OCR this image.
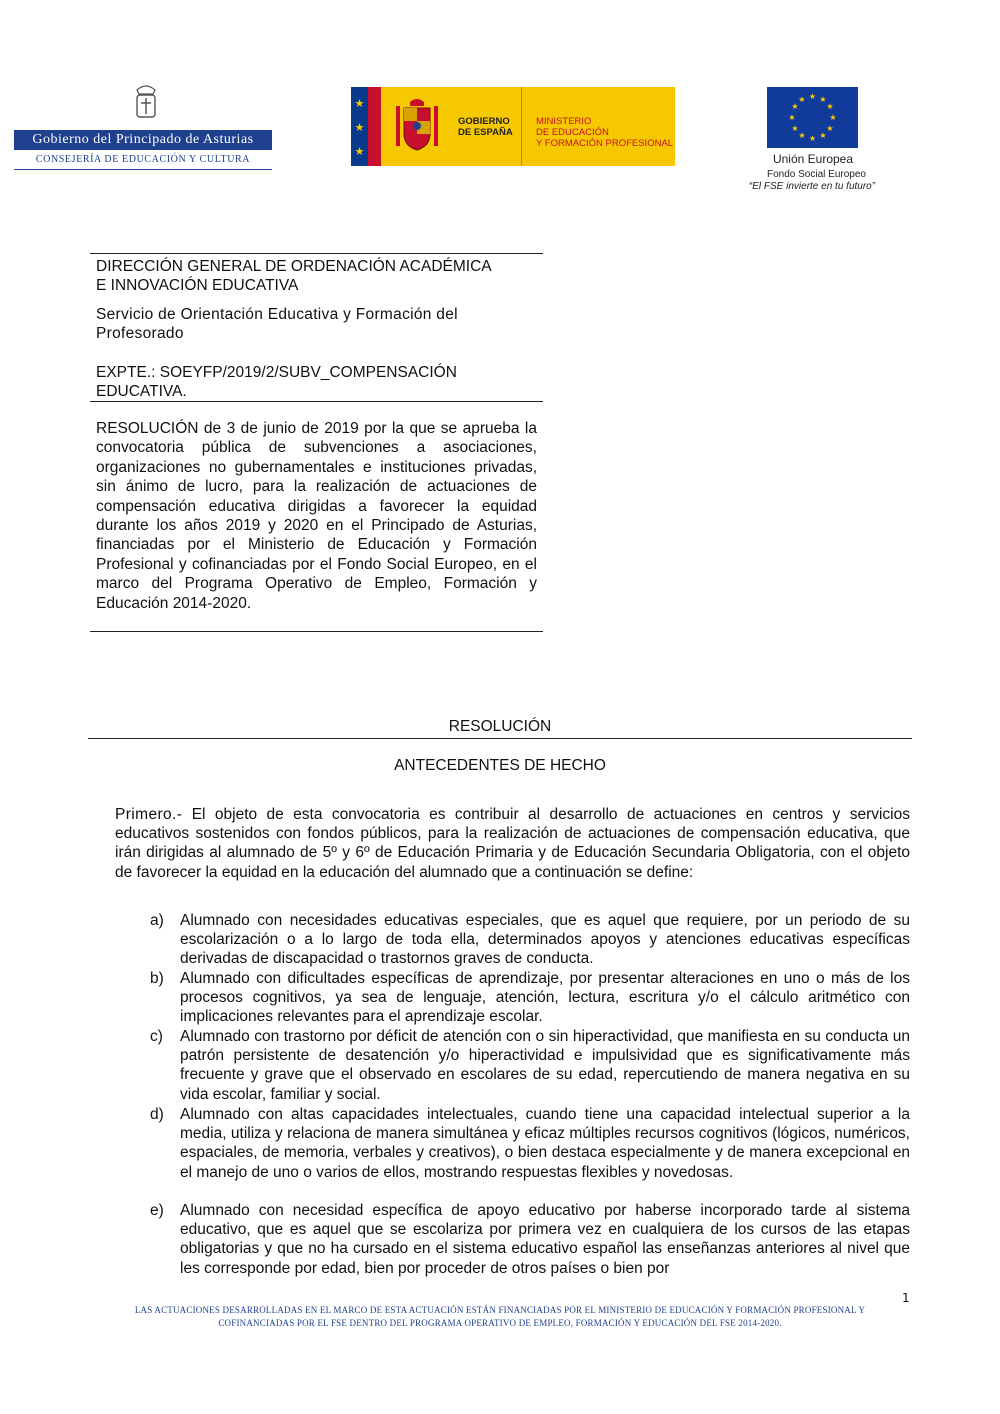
Gobierno del Principado de Asturias
CONSEJERÍA DE EDUCACIÓN Y CULTURA
★
★
★
GOBIERNO
DE ESPAÑA
MINISTERIO
DE EDUCACIÓN
Y FORMACIÓN PROFESIONAL
★ ★
★
★
★
★
★
★
★
★
★
★
Unión Europea
Fondo Social Europeo
“El FSE invierte en tu futuro”
DIRECCIÓN GENERAL DE ORDENACIÓN ACADÉMICA
E INNOVACIÓN EDUCATIVA
Servicio de Orientación Educativa y Formación del
Profesorado
EXPTE.: SOEYFP/2019/2/SUBV_COMPENSACIÓN
EDUCATIVA.
RESOLUCIÓN de 3 de junio de 2019 por la que se aprueba la convocatoria pública de subvenciones a asociaciones, organizaciones no gubernamentales e instituciones privadas, sin ánimo de lucro, para la realización de actuaciones de compensación educativa dirigidas a favorecer la equidad durante los años 2019 y 2020 en el Principado de Asturias, financiadas por el Ministerio de Educación y Formación Profesional y cofinanciadas por el Fondo Social Europeo, en el marco del Programa Operativo de Empleo, Formación y Educación 2014-2020.
RESOLUCIÓN
ANTECEDENTES DE HECHO
Primero.- El objeto de esta convocatoria es contribuir al desarrollo de actuaciones en centros y servicios educativos sostenidos con fondos públicos, para la realización de actuaciones de compensación educativa, que irán dirigidas al alumnado de 5º y 6º de Educación Primaria y de Educación Secundaria Obligatoria, con el objeto de favorecer la equidad en la educación del alumnado que a continuación se define:
a) Alumnado con necesidades educativas especiales, que es aquel que requiere, por un periodo de su escolarización o a lo largo de toda ella, determinados apoyos y atenciones educativas específicas derivadas de discapacidad o trastornos graves de conducta.
b) Alumnado con dificultades específicas de aprendizaje, por presentar alteraciones en uno o más de los procesos cognitivos, ya sea de lenguaje, atención, lectura, escritura y/o el cálculo aritmético con implicaciones relevantes para el aprendizaje escolar.
c)	Alumnado con trastorno por déficit de atención con o sin hiperactividad, que manifiesta en su conducta un patrón persistente de desatención y/o hiperactividad e impulsividad que es significativamente más frecuente y grave que el observado en escolares de su edad, repercutiendo de manera negativa en su vida escolar, familiar y social.
d) Alumnado con altas capacidades intelectuales, cuando tiene una capacidad intelectual superior a la media, utiliza y relaciona de manera simultánea y eficaz múltiples recursos cognitivos (lógicos, numéricos, espaciales, de memoria, verbales y creativos), o bien destaca especialmente y de manera excepcional en el manejo de uno o varios de ellos, mostrando respuestas flexibles y novedosas.
e) Alumnado con necesidad específica de apoyo educativo por haberse incorporado tarde al sistema educativo, que es aquel que se escolariza por primera vez en cualquiera de los cursos de las etapas obligatorias y que no ha cursado en el sistema educativo español las enseñanzas anteriores al nivel que les corresponde por edad, bien por proceder de otros países o bien por
1
LAS ACTUACIONES DESARROLLADAS EN EL MARCO DE ESTA ACTUACIÓN ESTÁN FINANCIADAS POR EL MINISTERIO DE EDUCACIÓN Y FORMACIÓN PROFESIONAL Y
COFINANCIADAS POR EL FSE DENTRO DEL PROGRAMA OPERATIVO DE EMPLEO, FORMACIÓN Y EDUCACIÓN DEL FSE 2014-2020.
